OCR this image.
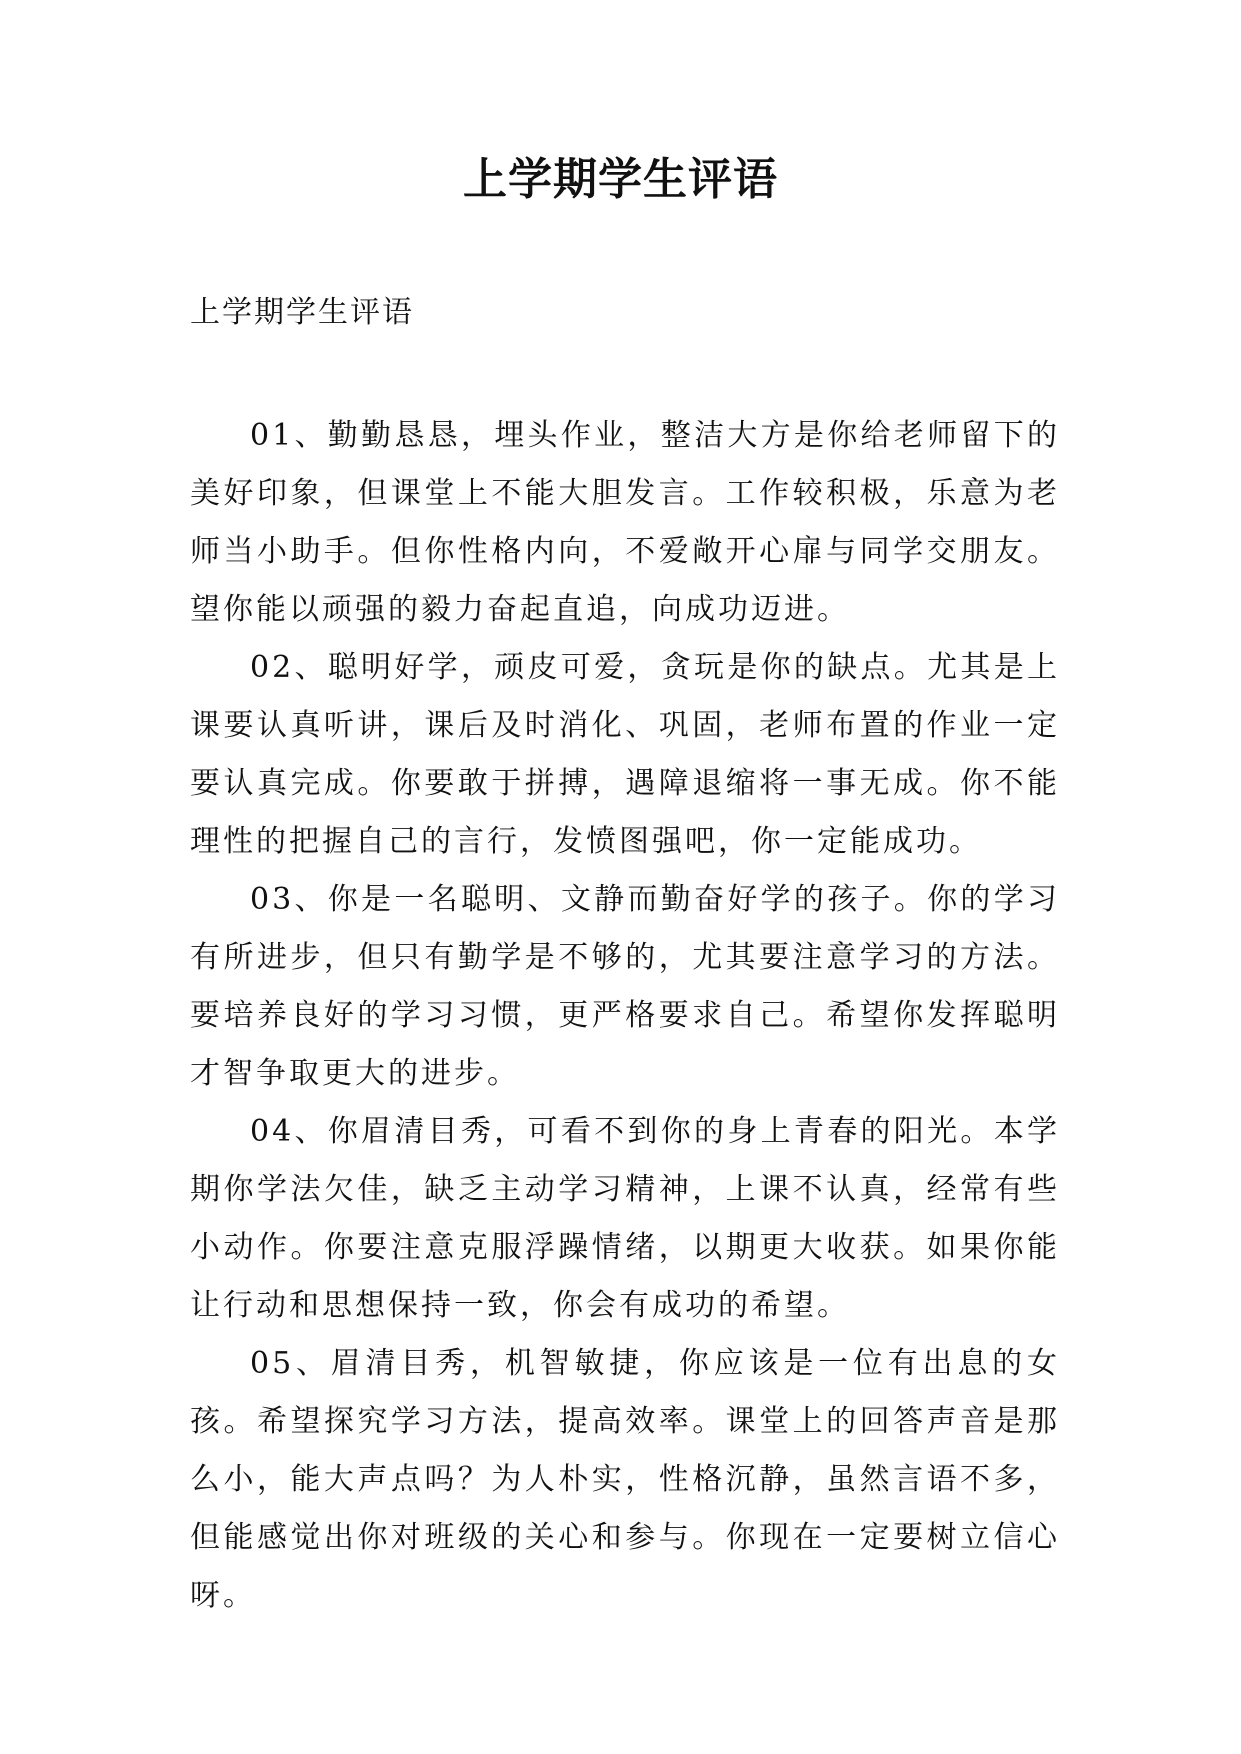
上学期学生评语

上学期学生评语

01、勤勤恳恳，埋头作业，整洁大方是你给老师留下的美好印象，但课堂上不能大胆发言。工作较积极，乐意为老师当小助手。但你性格内向，不爱敞开心扉与同学交朋友。望你能以顽强的毅力奋起直追，向成功迈进。

02、聪明好学，顽皮可爱，贪玩是你的缺点。尤其是上课要认真听讲，课后及时消化、巩固，老师布置的作业一定要认真完成。你要敢于拼搏，遇障退缩将一事无成。你不能理性的把握自己的言行，发愤图强吧，你一定能成功。

03、你是一名聪明、文静而勤奋好学的孩子。你的学习有所进步，但只有勤学是不够的，尤其要注意学习的方法。要培养良好的学习习惯，更严格要求自己。希望你发挥聪明才智争取更大的进步。

04、你眉清目秀，可看不到你的身上青春的阳光。本学期你学法欠佳，缺乏主动学习精神，上课不认真，经常有些小动作。你要注意克服浮躁情绪，以期更大收获。如果你能让行动和思想保持一致，你会有成功的希望。

05、眉清目秀，机智敏捷，你应该是一位有出息的女孩。希望探究学习方法，提高效率。课堂上的回答声音是那么小，能大声点吗？为人朴实，性格沉静，虽然言语不多，但能感觉出你对班级的关心和参与。你现在一定要树立信心呀。
